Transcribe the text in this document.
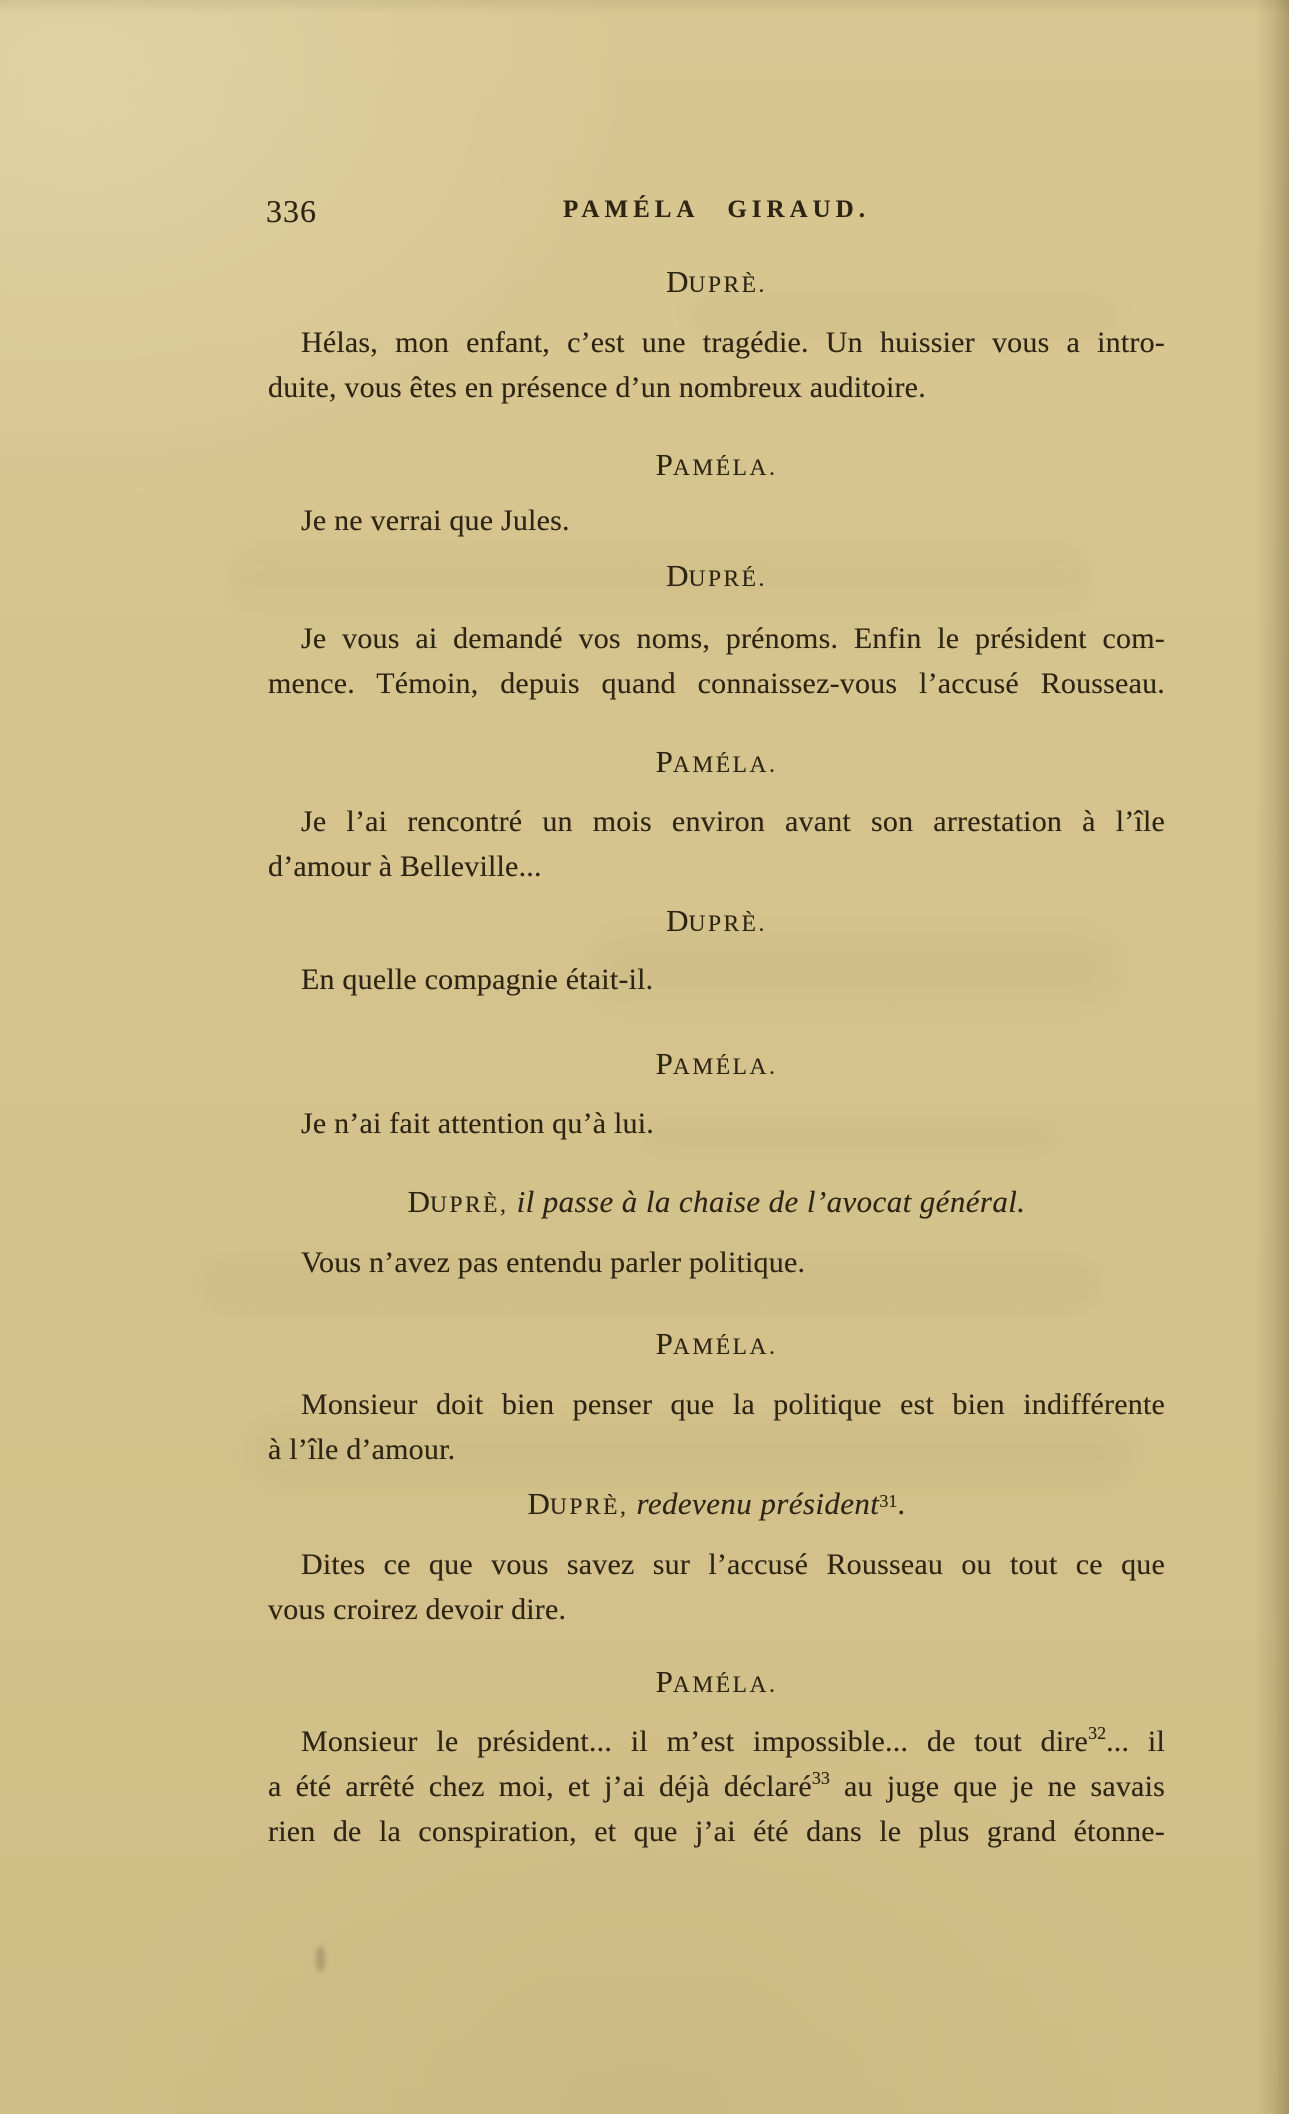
336	PAMÉLA GIRAUD.
DUPRÈ.
Hélas, mon enfant, c’est une tragédie. Un huissier vous a intro-
duite, vous êtes en présence d’un nombreux auditoire.
PAMÉLA.
Je ne verrai que Jules.
DUPRÉ.
Je vous ai demandé vos noms, prénoms. Enfin le président com-
mence. Témoin, depuis quand connaissez-vous l’accusé Rousseau.
PAMÉLA.
Je l’ai rencontré un mois environ avant son arrestation à l’île
d’amour à Belleville...
DUPRÈ.
En quelle compagnie était-il.
PAMÉLA.
Je n’ai fait attention qu’à lui.
DUPRÈ, il passe à la chaise de l’avocat général.
Vous n’avez pas entendu parler politique.
PAMÉLA.
Monsieur doit bien penser que la politique est bien indifférente
à l’île d’amour.
DUPRÈ, redevenu président$^{31}$.
Dites ce que vous savez sur l’accusé Rousseau ou tout ce que
vous croirez devoir dire.
PAMÉLA.
Monsieur le président... il m’est impossible... de tout dire$^{32}$... il
a été arrêté chez moi, et j’ai déjà déclaré$^{33}$ au juge que je ne savais
rien de la conspiration, et que j’ai été dans le plus grand étonne-
